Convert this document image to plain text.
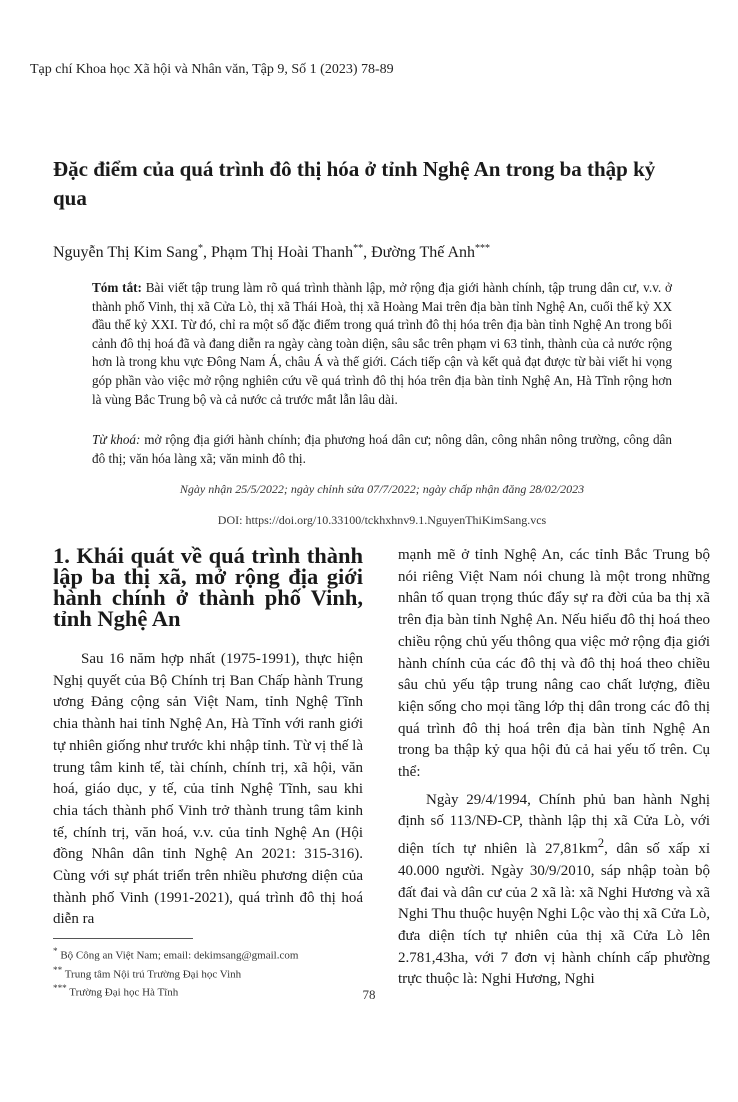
Tạp chí Khoa học Xã hội và Nhân văn, Tập 9, Số 1 (2023) 78-89
Đặc điểm của quá trình đô thị hóa ở tỉnh Nghệ An trong ba thập kỷ qua
Nguyễn Thị Kim Sang*, Phạm Thị Hoài Thanh**, Đường Thế Anh***

Tóm tắt: Bài viết tập trung làm rõ quá trình thành lập, mở rộng địa giới hành chính, tập trung dân cư, v.v. ở thành phố Vinh, thị xã Cửa Lò, thị xã Thái Hoà, thị xã Hoàng Mai trên địa bàn tỉnh Nghệ An, cuối thế kỷ XX đầu thế kỷ XXI. Từ đó, chỉ ra một số đặc điểm trong quá trình đô thị hóa trên địa bàn tỉnh Nghệ An trong bối cảnh đô thị hoá đã và đang diễn ra ngày càng toàn diện, sâu sắc trên phạm vi 63 tỉnh, thành của cả nước rộng hơn là trong khu vực Đông Nam Á, châu Á và thế giới. Cách tiếp cận và kết quả đạt được từ bài viết hi vọng góp phần vào việc mở rộng nghiên cứu về quá trình đô thị hóa trên địa bàn tỉnh Nghệ An, Hà Tĩnh rộng hơn là vùng Bắc Trung bộ và cả nước cả trước mắt lẫn lâu dài.

Từ khoá: mở rộng địa giới hành chính; địa phương hoá dân cư; nông dân, công nhân nông trường, công dân đô thị; văn hóa làng xã; văn minh đô thị.

Ngày nhận 25/5/2022; ngày chỉnh sửa 07/7/2022; ngày chấp nhận đăng 28/02/2023
DOI: https://doi.org/10.33100/tckhxhnv9.1.NguyenThiKimSang.vcs
1. Khái quát về quá trình thành lập ba thị xã, mở rộng địa giới hành chính ở thành phố Vinh, tỉnh Nghệ An

Sau 16 năm hợp nhất (1975-1991), thực hiện Nghị quyết của Bộ Chính trị Ban Chấp hành Trung ương Đảng cộng sản Việt Nam, tỉnh Nghệ Tĩnh chia thành hai tỉnh Nghệ An, Hà Tĩnh với ranh giới tự nhiên giống như trước khi nhập tỉnh. Từ vị thế là trung tâm kinh tế, tài chính, chính trị, xã hội, văn hoá, giáo dục, y tế, của tỉnh Nghệ Tĩnh, sau khi chia tách thành phố Vinh trở thành trung tâm kinh tế, chính trị, văn hoá, v.v. của tỉnh Nghệ An (Hội đồng Nhân dân tỉnh Nghệ An 2021: 315-316). Cùng với sự phát triển trên nhiều phương diện của thành phố Vinh (1991-2021), quá trình đô thị hoá diễn ra

mạnh mẽ ở tỉnh Nghệ An, các tỉnh Bắc Trung bộ nói riêng Việt Nam nói chung là một trong những nhân tố quan trọng thúc đẩy sự ra đời của ba thị xã trên địa bàn tỉnh Nghệ An. Nếu hiểu đô thị hoá theo chiều rộng chủ yếu thông qua việc mở rộng địa giới hành chính của các đô thị và đô thị hoá theo chiều sâu chủ yếu tập trung nâng cao chất lượng, điều kiện sống cho mọi tầng lớp thị dân trong các đô thị quá trình đô thị hoá trên địa bàn tỉnh Nghệ An trong ba thập kỷ qua hội đủ cả hai yếu tố trên. Cụ thể:

Ngày 29/4/1994, Chính phủ ban hành Nghị định số 113/NĐ-CP, thành lập thị xã Cửa Lò, với diện tích tự nhiên là $27,81km^2$, dân số xấp xỉ 40.000 người. Ngày 30/9/2010, sáp nhập toàn bộ đất đai và dân cư của 2 xã là: xã Nghi Hương và xã Nghi Thu thuộc huyện Nghi Lộc vào thị xã Cửa Lò, đưa diện tích tự nhiên của thị xã Cửa Lò lên 2.781,43ha, với 7 đơn vị hành chính cấp phường trực thuộc là: Nghi Hương, Nghi

* Bộ Công an Việt Nam; email: dekimsang@gmail.com
** Trung tâm Nội trú Trường Đại học Vinh
*** Trường Đại học Hà Tĩnh	78
